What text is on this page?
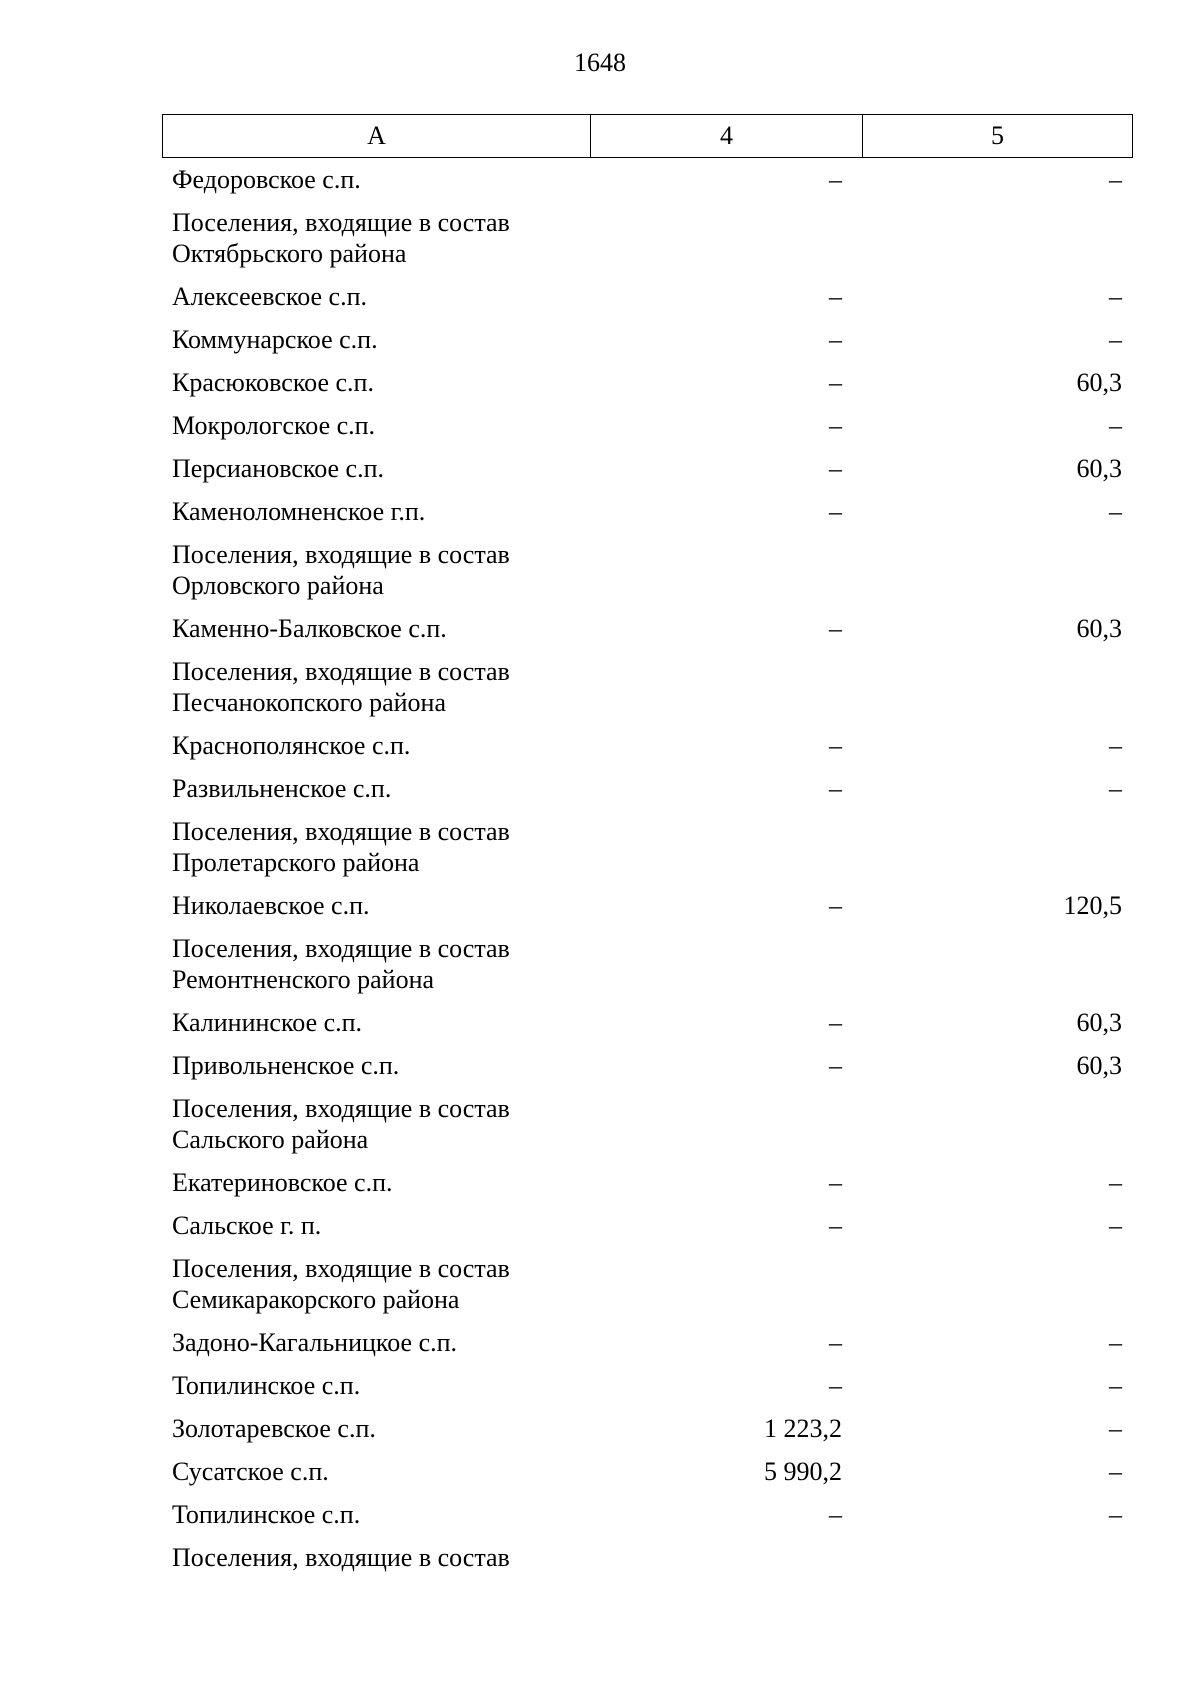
1648
А	4	5
Федоровское с.п.	–	–
Поселения, входящие в состав Октябрьского района
Алексеевское с.п.	–	–
Коммунарское с.п.	–	–
Красюковское с.п.	–	60,3
Мокрологское с.п.	–	–
Персиановское с.п.	–	60,3
Каменоломненское г.п.	–	–
Поселения, входящие в состав Орловского района
Каменно-Балковское с.п.	–	60,3
Поселения, входящие в состав Песчанокопского района
Краснополянское с.п.	–	–
Развильненское с.п.	–	–
Поселения, входящие в состав Пролетарского района
Николаевское с.п.	–	120,5
Поселения, входящие в состав Ремонтненского района
Калининское с.п.	–	60,3
Привольненское с.п.	–	60,3
Поселения, входящие в состав Сальского района
Екатериновское с.п.	–	–
Сальское г. п.	–	–
Поселения, входящие в состав Семикаракорского района
Задоно-Кагальницкое с.п.	–	–
Топилинское с.п.	–	–
Золотаревское с.п.	1 223,2	–
Сусатское с.п.	5 990,2	–
Топилинское с.п.	–	–
Поселения, входящие в состав
